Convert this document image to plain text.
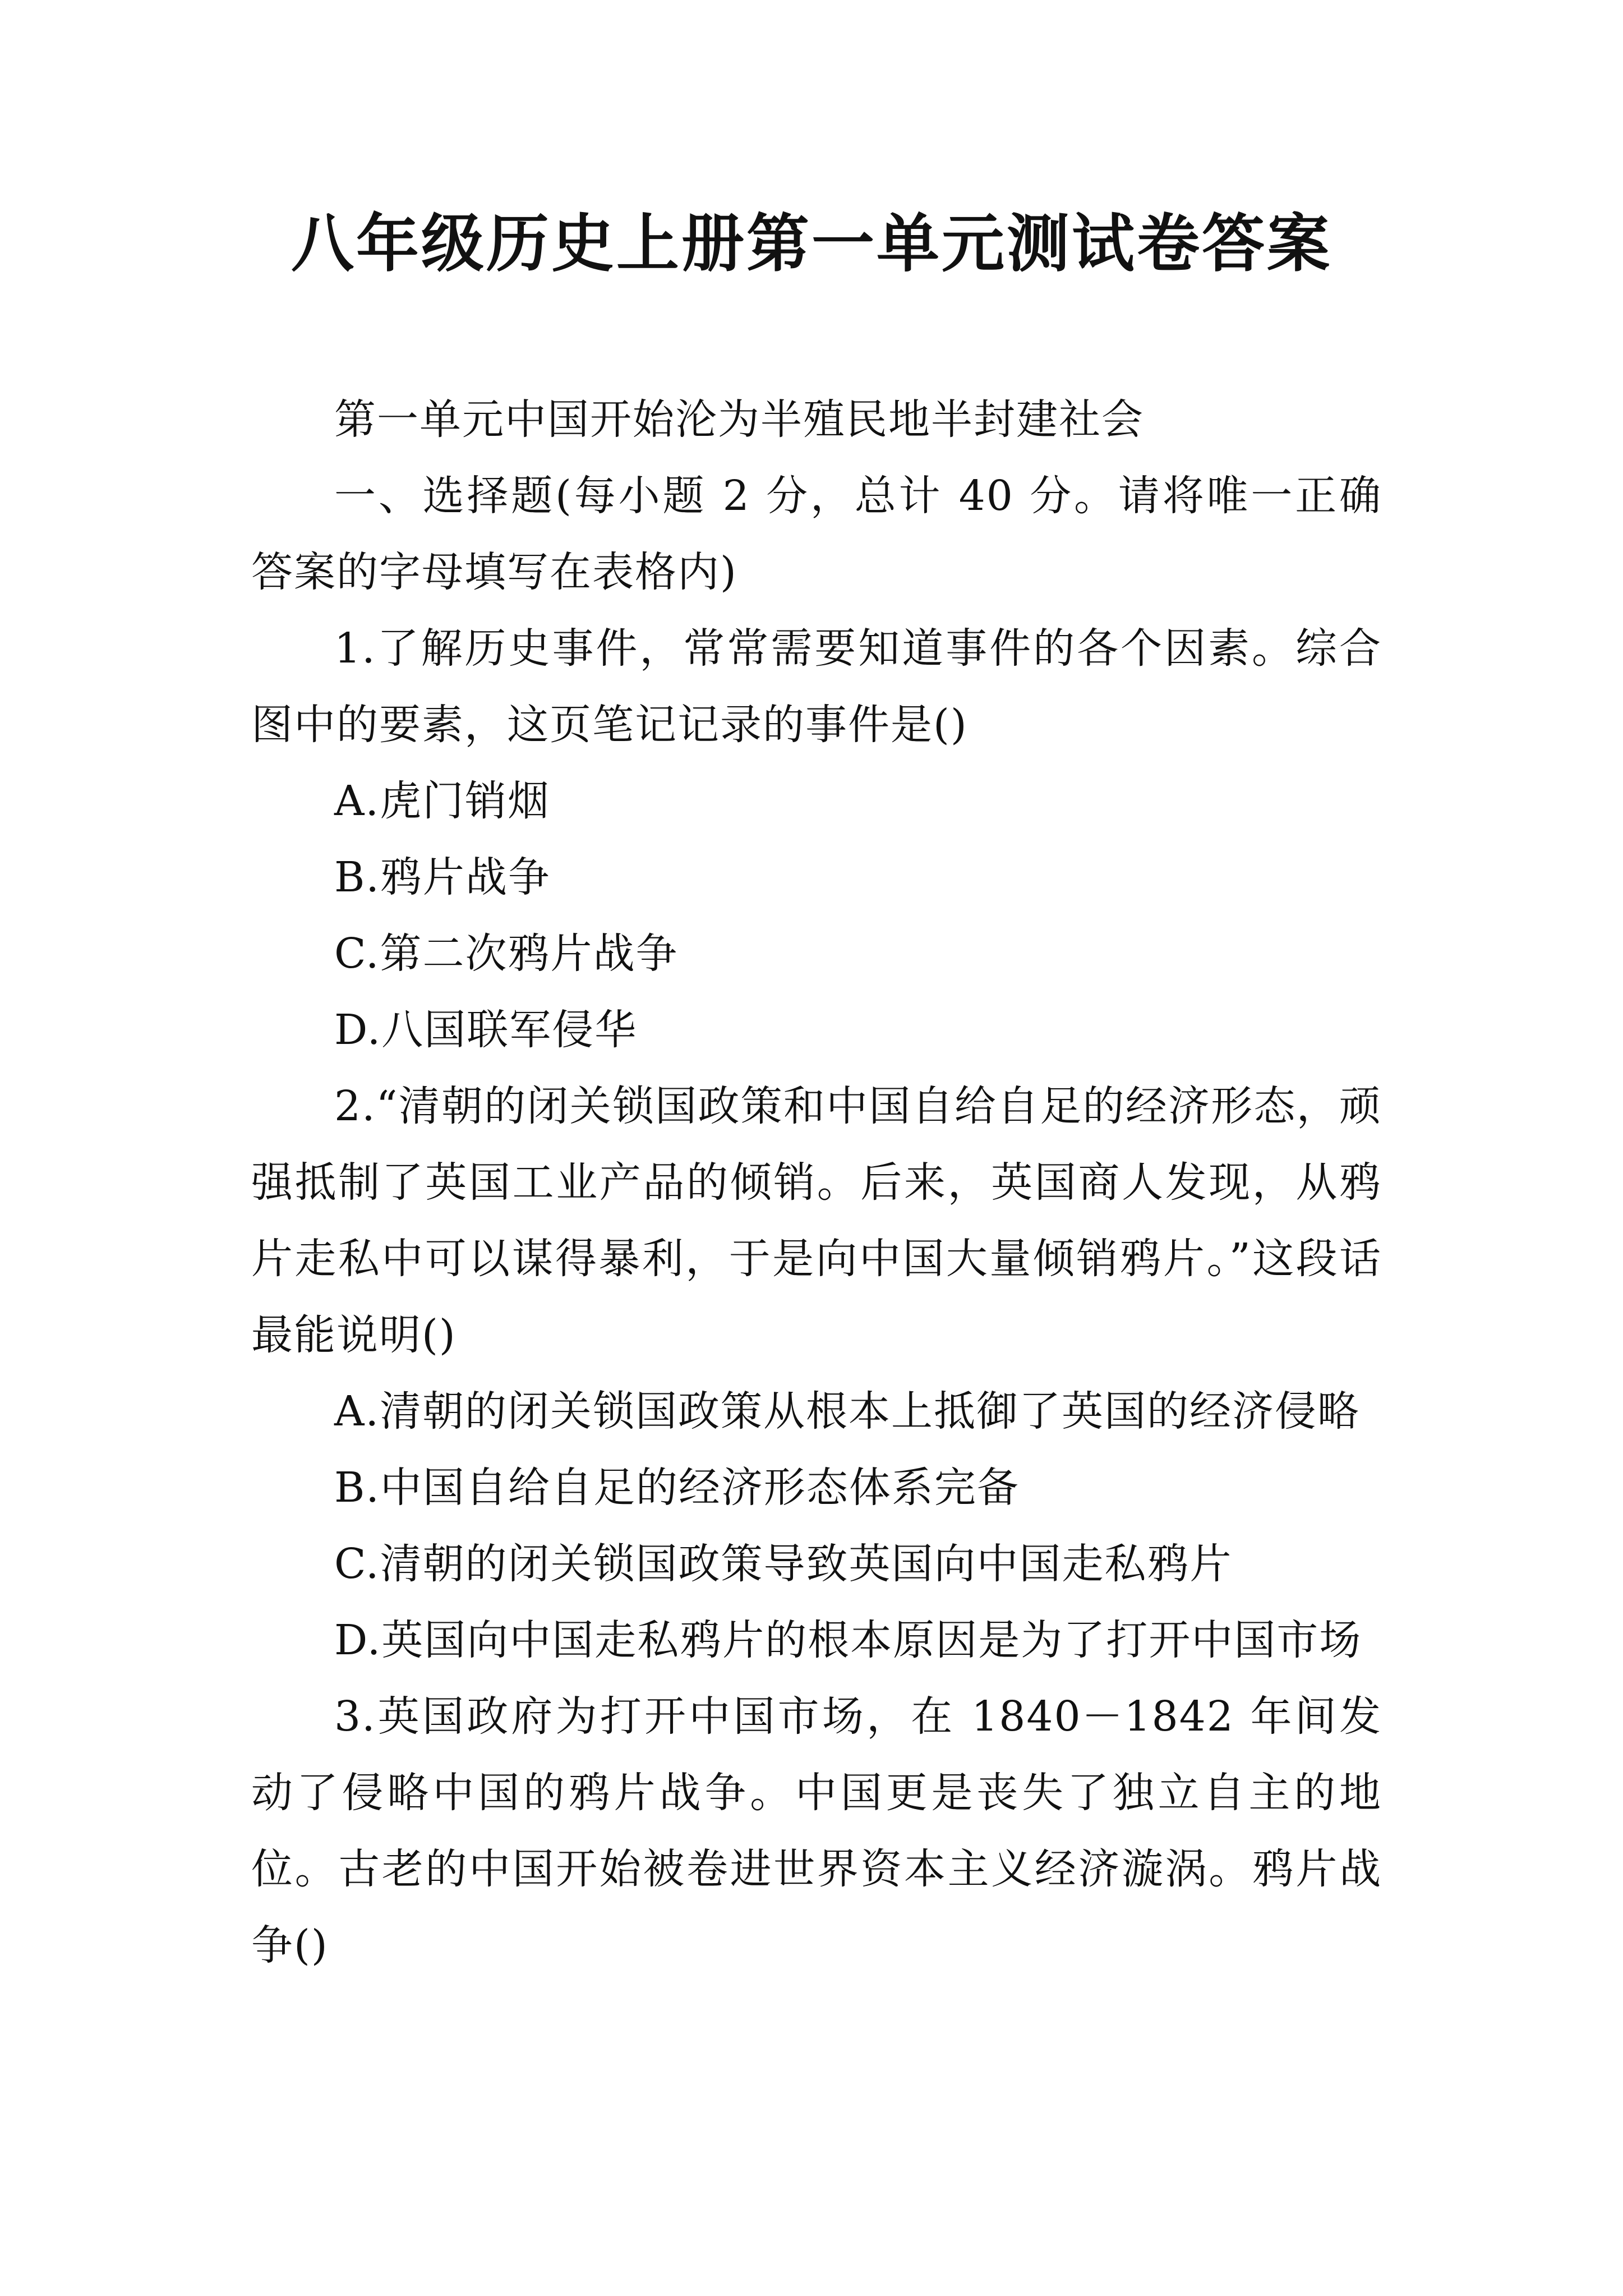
八年级历史上册第一单元测试卷答案

第一单元中国开始沦为半殖民地半封建社会

一、选择题(每小题 2 分，总计 40 分。请将唯一正确答案的字母填写在表格内)

1.了解历史事件，常常需要知道事件的各个因素。综合图中的要素，这页笔记记录的事件是()

A.虎门销烟

B.鸦片战争

C.第二次鸦片战争

D.八国联军侵华

2.“清朝的闭关锁国政策和中国自给自足的经济形态，顽强抵制了英国工业产品的倾销。后来，英国商人发现，从鸦片走私中可以谋得暴利，于是向中国大量倾销鸦片。”这段话最能说明()

A.清朝的闭关锁国政策从根本上抵御了英国的经济侵略

B.中国自给自足的经济形态体系完备

C.清朝的闭关锁国政策导致英国向中国走私鸦片

D.英国向中国走私鸦片的根本原因是为了打开中国市场

3.英国政府为打开中国市场，在 1840－1842 年间发动了侵略中国的鸦片战争。中国更是丧失了独立自主的地位。古老的中国开始被卷进世界资本主义经济漩涡。鸦片战争()
